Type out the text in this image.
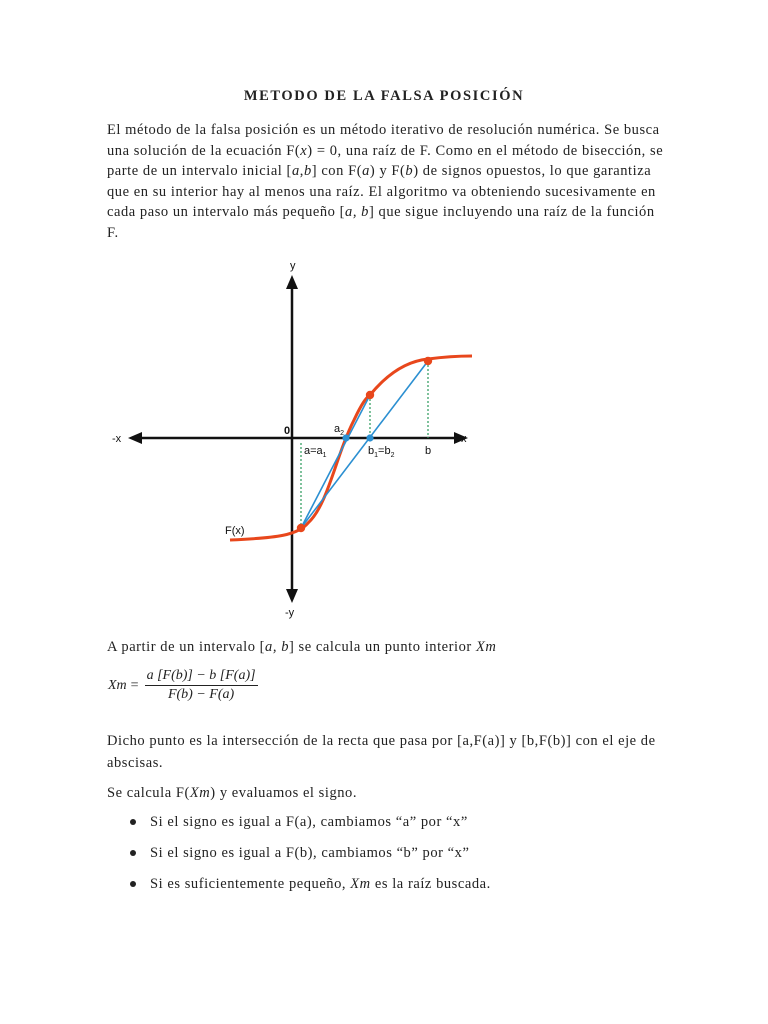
METODO DE LA FALSA POSICIÓN

El método de la falsa posición es un método iterativo de resolución numérica. Se busca una solución de la ecuación F(x) = 0, una raíz de F. Como en el método de bisección, se parte de un intervalo inicial [a,b] con F(a) y F(b) de signos opuestos, lo que garantiza que en su interior hay al menos una raíz. El algoritmo va obteniendo sucesivamente en cada paso un intervalo más pequeño [a, b] que sigue incluyendo una raíz de la función F.

y
-y
x
-x
0
$a=a_1$
$a_2$
$b_1=b_2$	b
F(x)

A partir de un intervalo [a, b] se calcula un punto interior Xm

$Xm = \frac{a [F(b)] - b [F(a)]}{F(b) - F(a)}$

Dicho punto es la intersección de la recta que pasa por [a,F(a)] y [b,F(b)] con el eje de abscisas.

Se calcula F(Xm) y evaluamos el signo.

Si el signo es igual a F(a), cambiamos “a” por “x”
Si el signo es igual a F(b), cambiamos “b” por “x”
Si es suficientemente pequeño, Xm es la raíz buscada.
